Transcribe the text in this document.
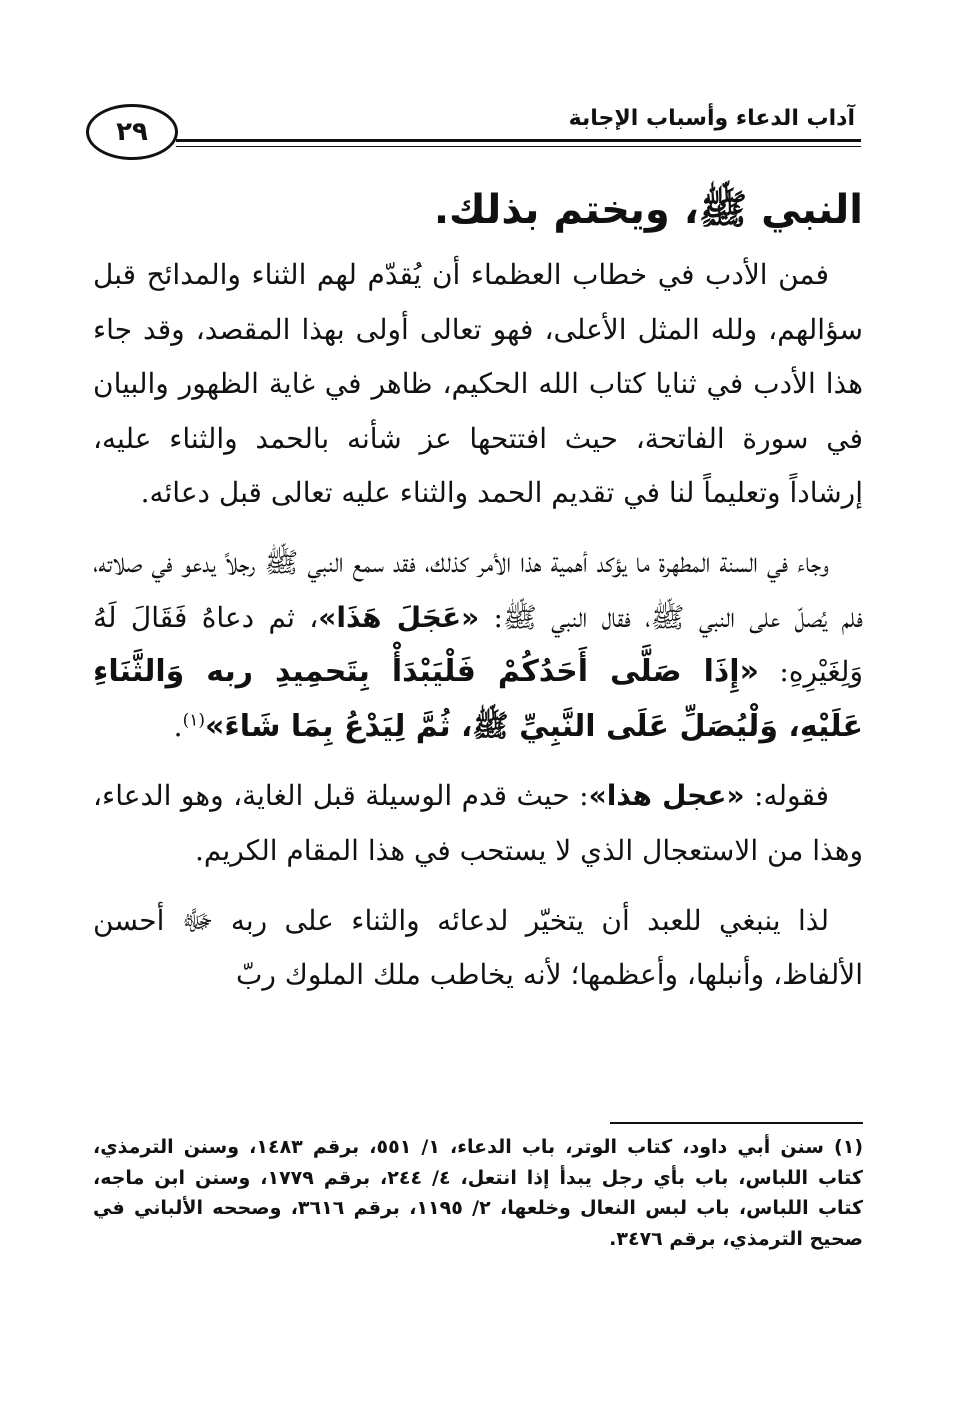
٢٩	آداب الدعاء وأسباب الإجابة

النبي ﷺ، ويختم بذلك.

فمن الأدب في خطاب العظماء أن يُقدّم لهم الثناء والمدائح قبل سؤالهم، ولله المثل الأعلى، فهو تعالى أولى بهذا المقصد، وقد جاء هذا الأدب في ثنايا كتاب الله الحكيم، ظاهر في غاية الظهور والبيان في سورة الفاتحة، حيث افتتحها عز شأنه بالحمد والثناء عليه، إرشاداً وتعليماً لنا في تقديم الحمد والثناء عليه تعالى قبل دعائه.

وجاء في السنة المطهرة ما يؤكد أهمية هذا الأمر كذلك، فقد سمع النبي ﷺ رجلاً يدعو في صلاته، فلم يُصلّ على النبي ﷺ، فقال النبي ﷺ: «عَجَلَ هَذَا»، ثم دعاهُ فَقَالَ لَهُ وَلِغَيْرِهِ: «إِذَا صَلَّى أَحَدُكُمْ فَلْيَبْدَأْ بِتَحمِيدِ ربه وَالثَّنَاءِ عَلَيْهِ، وَلْيُصَلِّ عَلَى النَّبِيِّ ﷺ، ثُمَّ لِيَدْعُ بِمَا شَاءَ»$^{(١)}$.

فقوله: «عجل هذا»: حيث قدم الوسيلة قبل الغاية، وهو الدعاء، وهذا من الاستعجال الذي لا يستحب في هذا المقام الكريم.

لذا ينبغي للعبد أن يتخيّر لدعائه والثناء على ربه ﷻ أحسن الألفاظ، وأنبلها، وأعظمها؛ لأنه يخاطب ملك الملوك ربّ

(١) سنن أبي داود، كتاب الوتر، باب الدعاء، ١/ ٥٥١، برقم ١٤٨٣، وسنن الترمذي، كتاب اللباس، باب بأي رجل يبدأ إذا انتعل، ٤/ ٢٤٤، برقم ١٧٧٩، وسنن ابن ماجه، كتاب اللباس، باب لبس النعال وخلعها، ٢/ ١١٩٥، برقم ٣٦١٦، وصححه الألباني في صحيح الترمذي، برقم ٣٤٧٦.
